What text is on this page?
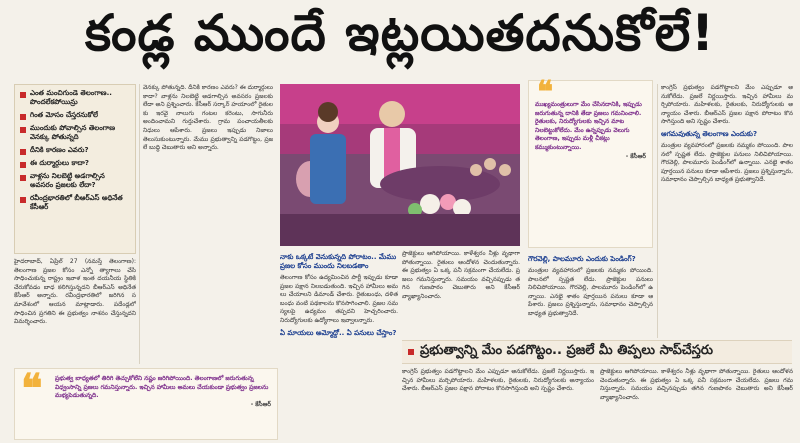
కండ్ల ముందే ఇట్లయితదనుకోలే!
ఎంత మంచిగుండె తెలంగాణ.. పొందలేకపోయిన్రు
గింత మోసం చేస్తరనుకోలే
ముందుకు పోవాల్సిన తెలంగాణ వెనక్కు పోతున్నది
దీనికి కారణం ఎవరు?
ఈ దుర్మార్గులు కాదా?
వాళ్లను నిలబెట్టి అడగాల్సిన అవసరం ప్రజలకు లేదా?
రవీంద్రభారతిలో బీఆర్‌ఎస్‌ అధినేత కేసీఆర్‌

హైదరాబాద్, ఏప్రిల్ 27 (నమస్తే తెలంగాణ): తెలంగాణ ప్రజల కోసం ఎన్నో త్యాగాలు చేసి సాధించుకున్న రాష్ట్రం ఇవాళ ఇంత దయనీయ స్థితికి చేరుకోవడం బాధ కలిగిస్తున్నదని బీఆర్‌ఎస్ అధినేత కేసీఆర్ అన్నారు. రవీంద్రభారతిలో జరిగిన సమావేశంలో ఆయన మాట్లాడారు. పదేండ్లలో సాధించిన ప్రగతిని ఈ ప్రభుత్వం నాశనం చేస్తున్నదని విమర్శించారు.

వెనక్కు పోతున్నది. దీనికి కారణం ఎవరు? ఈ దుర్మార్గులు కాదా? వాళ్లను నిలబెట్టి అడగాల్సిన అవసరం ప్రజలకు లేదా అని ప్రశ్నించారు. కేసీఆర్ సర్కార్ హయాంలో రైతులకు ఇరవై నాలుగు గంటల కరెంటు, సాగునీరు అందించామని గుర్తుచేశారు. గ్రామ పంచాయతీలకు నిధులు ఆపేశారు. ప్రజలు ఇప్పుడు నిజాలు తెలుసుకుంటున్నారు. మేము ప్రభుత్వాన్ని పడగొట్టం, ప్రజలే బుద్ధి చెబుతారు అని అన్నారు.

❝ ప్రభుత్వ బాధ్యతలో తిరిగి తెచ్చుకోలేని నష్టం జరిగిపోయింది. తెలంగాణలో జరుగుతున్న విధ్వంసాన్ని ప్రజలు గమనిస్తున్నారు. ఇచ్చిన హామీలు అమలు చేయకుండా ప్రభుత్వం ప్రజలను మభ్యపెడుతున్నది.
- కేసీఆర్
❝
ముఖ్యమంత్రులుగా మేం చేసినదానికి, ఇప్పుడు జరుగుతున్న దానికి తేడా ప్రజలు గమనించాలి. రైతులకు, నిరుద్యోగులకు ఇచ్చిన మాట నిలబెట్టుకోలేదు. మేం ఉన్నప్పుడు వెలుగు తెలంగాణ, ఇప్పుడు మళ్లీ చీకట్లు కమ్ముకుంటున్నాయి.
- కేసీఆర్
నాకు ఒక్కటే వెనుకున్నది పోరాటం.. మేము ప్రజల కోసం ముందు నిలబడతాం

తెలంగాణ కోసం ఉద్యమించిన పార్టీ ఇప్పుడు కూడా ప్రజల పక్షాన నిలబడుతుంది. ఇచ్చిన హామీలు అమలు చేయాలని డిమాండ్ చేశారు. రైతుబంధు, దళితబంధు వంటి పథకాలను కొనసాగించాలి. ప్రజల సమస్యలపై ఉద్యమం తప్పదని హెచ్చరించారు. నిరుద్యోగులకు ఉద్యోగాలు ఇవ్వాలన్నారు.

ఏ మాయలు అమ్మోద్దో.. ఏ పనులు చేస్తాం?

ప్రాజెక్టులు ఆగిపోయాయి. కాళేశ్వరం నీళ్లు వృథాగా పోతున్నాయి. రైతులు ఆందోళన చెందుతున్నారు. ఈ ప్రభుత్వం ఏ ఒక్క పనీ సక్రమంగా చేయలేదు. ప్రజలు గమనిస్తున్నారు. సమయం వచ్చినప్పుడు తగిన గుణపాఠం చెబుతారు అని కేసీఆర్ వ్యాఖ్యానించారు.

గౌరవెల్లి, పాలమూరు ఎందుకు పెండింగ్?

మంత్రుల వ్యవహారంలో ప్రజలకు నమ్మకం పోయింది. పాలనలో స్పష్టత లేదు. ప్రాజెక్టుల పనులు నిలిచిపోయాయి. గౌరవెల్లి, పాలమూరు పెండింగ్‌లో ఉన్నాయి. ఎనభై శాతం పూర్తయిన పనులు కూడా ఆపేశారు. ప్రజలు ప్రశ్నిస్తున్నారు, సమాధానం చెప్పాల్సిన బాధ్యత ప్రభుత్వానిదే.

కాంగ్రెస్ ప్రభుత్వం పడగొట్టాలని మేం ఎప్పుడూ అనుకోలేదు. ప్రజలే నిర్ణయిస్తారు. ఇచ్చిన హామీలు మర్చిపోయారు. మహిళలకు, రైతులకు, నిరుద్యోగులకు అన్యాయం చేశారు. బీఆర్‌ఎస్ ప్రజల పక్షాన పోరాటం కొనసాగిస్తుంది అని స్పష్టం చేశారు.

ఆగమవుతున్న తెలంగాణ ఎందుకు?

మంత్రుల వ్యవహారంలో ప్రజలకు నమ్మకం పోయింది. పాలనలో స్పష్టత లేదు. ప్రాజెక్టుల పనులు నిలిచిపోయాయి. గౌరవెల్లి, పాలమూరు పెండింగ్‌లో ఉన్నాయి. ఎనభై శాతం పూర్తయిన పనులు కూడా ఆపేశారు. ప్రజలు ప్రశ్నిస్తున్నారు, సమాధానం చెప్పాల్సిన బాధ్యత ప్రభుత్వానిదే.

ప్రభుత్వాన్ని మేం పడగొట్టం.. ప్రజలే మీ తిప్పలు సాప్‌చేస్తరు

కాంగ్రెస్ ప్రభుత్వం పడగొట్టాలని మేం ఎప్పుడూ అనుకోలేదు. ప్రజలే నిర్ణయిస్తారు. ఇచ్చిన హామీలు మర్చిపోయారు. మహిళలకు, రైతులకు, నిరుద్యోగులకు అన్యాయం చేశారు. బీఆర్‌ఎస్ ప్రజల పక్షాన పోరాటం కొనసాగిస్తుంది అని స్పష్టం చేశారు.

ప్రాజెక్టులు ఆగిపోయాయి. కాళేశ్వరం నీళ్లు వృథాగా పోతున్నాయి. రైతులు ఆందోళన చెందుతున్నారు. ఈ ప్రభుత్వం ఏ ఒక్క పనీ సక్రమంగా చేయలేదు. ప్రజలు గమనిస్తున్నారు. సమయం వచ్చినప్పుడు తగిన గుణపాఠం చెబుతారు అని కేసీఆర్ వ్యాఖ్యానించారు.
